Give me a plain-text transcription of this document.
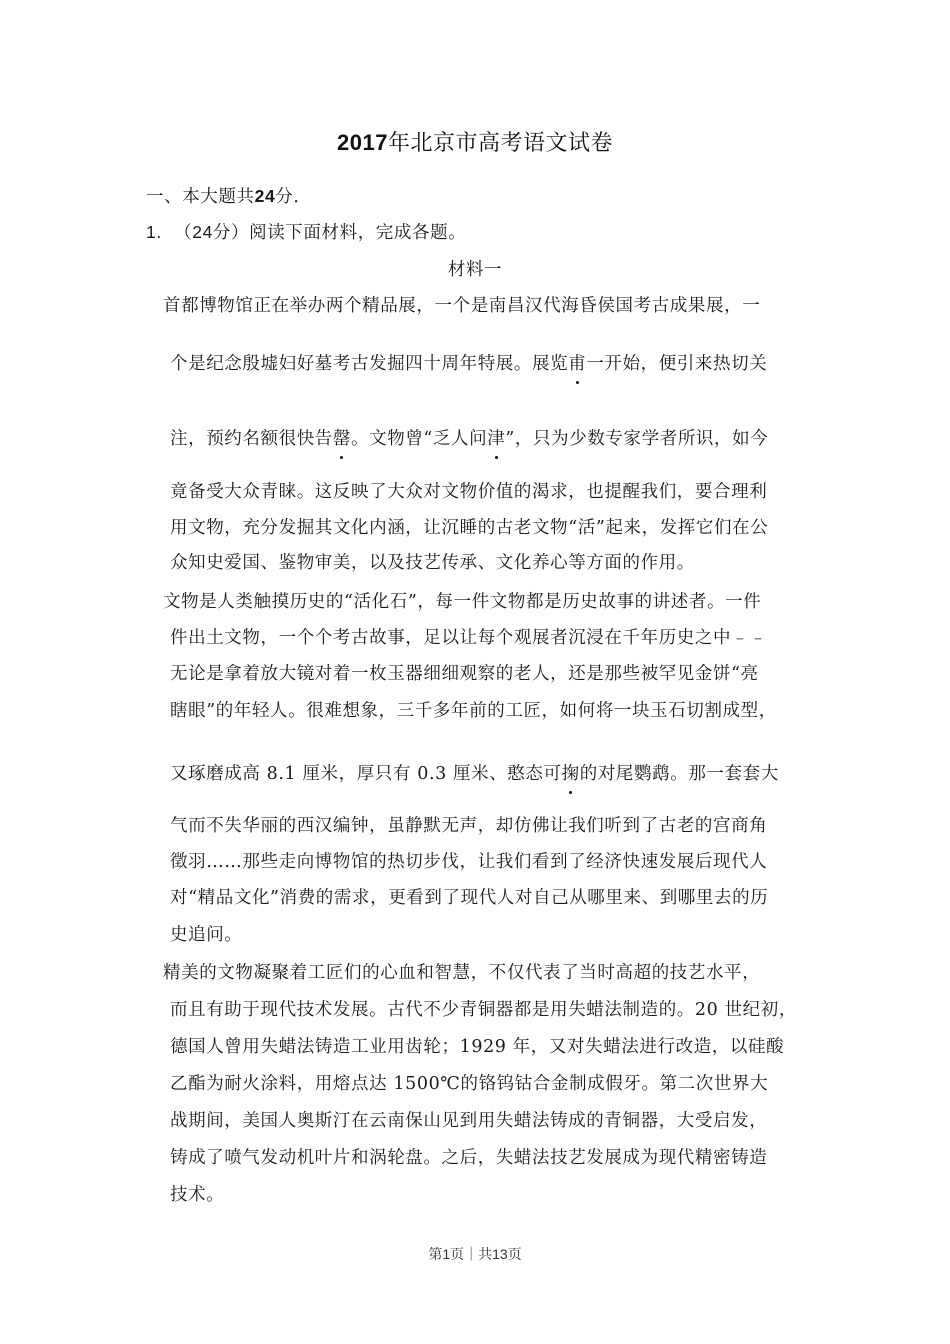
2017年北京市高考语文试卷
一、本大题共24分．
1. （24分）阅读下面材料，完成各题。
材料一
首都博物馆正在举办两个精品展，一个是南昌汉代海昏侯国考古成果展，一
个是纪念殷墟妇好墓考古发掘四十周年特展。展览甫一开始，便引来热切关
注，预约名额很快告罄。文物曾“乏人问津”，只为少数专家学者所识，如今
竟备受大众青睐。这反映了大众对文物价值的渴求，也提醒我们，要合理利
用文物，充分发掘其文化内涵，让沉睡的古老文物“活”起来，发挥它们在公
众知史爱国、鉴物审美，以及技艺传承、文化养心等方面的作用。
文物是人类触摸历史的“活化石”，每一件文物都是历史故事的讲述者。一件
件出土文物，一个个考古故事，足以让每个观展者沉浸在千年历史之中﹣﹣
无论是拿着放大镜对着一枚玉器细细观察的老人，还是那些被罕见金饼“亮
瞎眼”的年轻人。很难想象，三千多年前的工匠，如何将一块玉石切割成型，
又琢磨成高 8.1 厘米，厚只有 0.3 厘米、憨态可掬的对尾鹦鹉。那一套套大
气而不失华丽的西汉编钟，虽静默无声，却仿佛让我们听到了古老的宫商角
徵羽……那些走向博物馆的热切步伐，让我们看到了经济快速发展后现代人
对“精品文化”消费的需求，更看到了现代人对自己从哪里来、到哪里去的历
史追问。
精美的文物凝聚着工匠们的心血和智慧，不仅代表了当时高超的技艺水平，
而且有助于现代技术发展。古代不少青铜器都是用失蜡法制造的。20 世纪初，
德国人曾用失蜡法铸造工业用齿轮；1929 年，又对失蜡法进行改造，以硅酸
乙酯为耐火涂料，用熔点达 1500℃的铬钨钴合金制成假牙。第二次世界大
战期间，美国人奥斯汀在云南保山见到用失蜡法铸成的青铜器，大受启发，
铸成了喷气发动机叶片和涡轮盘。之后，失蜡法技艺发展成为现代精密铸造
技术。
第1页｜共13页
